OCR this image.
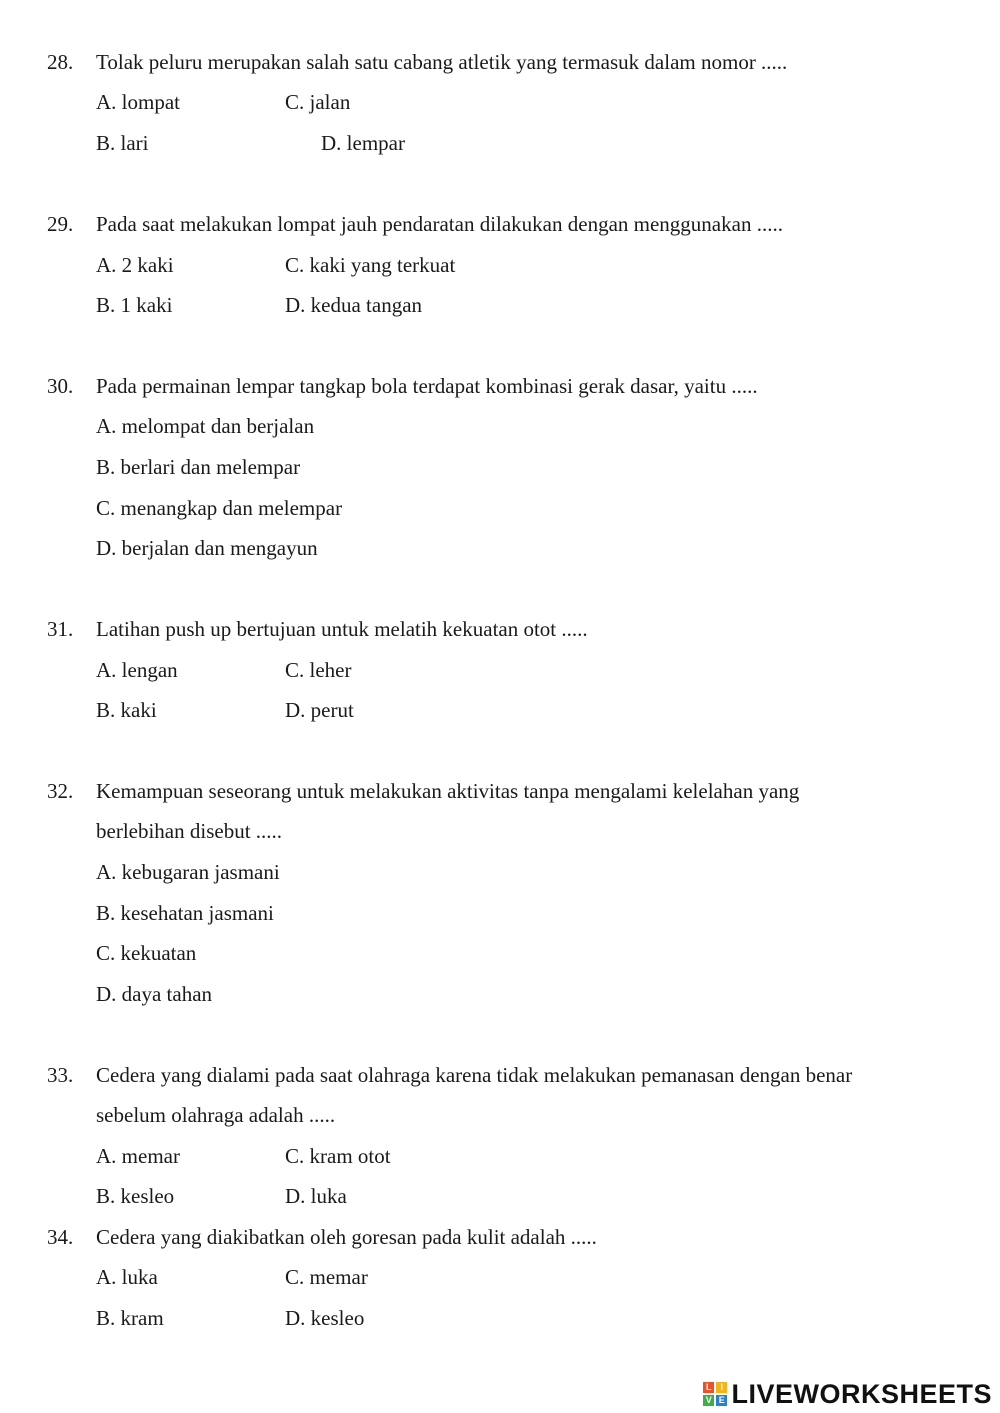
28. Tolak peluru merupakan salah satu cabang atletik yang termasuk dalam nomor .....
A. lompat	C. jalan
B. lari	D. lempar
29. Pada saat melakukan lompat jauh pendaratan dilakukan dengan menggunakan .....
A. 2 kaki	C. kaki yang terkuat
B. 1 kaki	D. kedua tangan
30. Pada permainan lempar tangkap bola terdapat kombinasi gerak dasar, yaitu .....
A. melompat dan berjalan
B. berlari dan melempar
C. menangkap dan melempar
D. berjalan dan mengayun
31. Latihan push up bertujuan untuk melatih kekuatan otot .....
A. lengan	C. leher
B. kaki	D. perut
32. Kemampuan seseorang untuk melakukan aktivitas tanpa mengalami kelelahan yang
berlebihan disebut .....
A. kebugaran jasmani
B. kesehatan jasmani
C. kekuatan
D. daya tahan
33. Cedera yang dialami pada saat olahraga karena tidak melakukan pemanasan dengan benar
sebelum olahraga adalah .....
A. memar	C. kram otot
B. kesleo	D. luka
34. Cedera yang diakibatkan oleh goresan pada kulit adalah .....
A. luka	C. memar
B. kram	D. kesleo
L I
V E LIVEWORKSHEETS
